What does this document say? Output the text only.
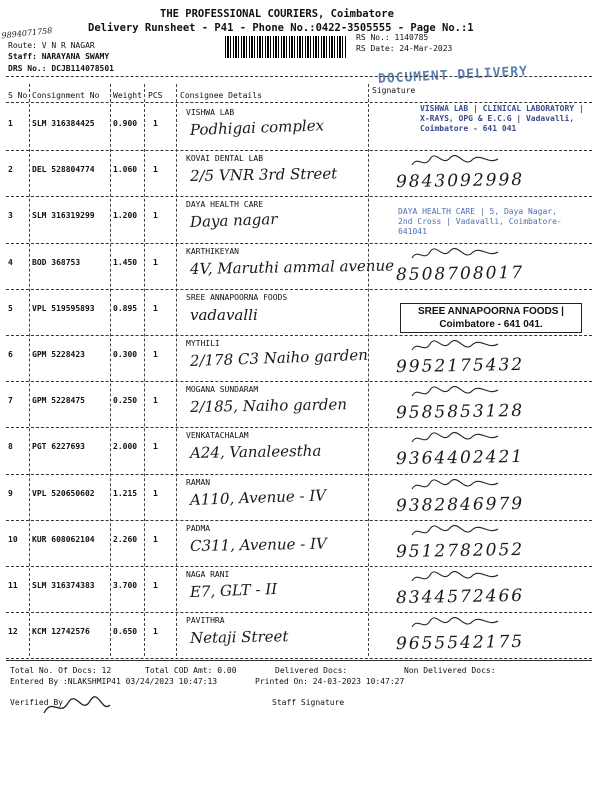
THE PROFESSIONAL COURIERS, Coimbatore
Delivery Runsheet - P41 - Phone No.:0422-3505555 - Page No.:1
Route: V N R NAGAR
Staff: NARAYANA SWAMY
DRS No.: DCJB114078501
RS No.: 1140785
RS Date: 24-Mar-2023
DOCUMENT DELIVERY
Signature
S No Consignment No Weight PCS Consignee Details
1 SLM 316384425 0.900 1
VISHWA LAB
Podhigai complex
2 DEL 528804774 1.060 1
KOVAI DENTAL LAB
2/5 VNR 3rd Street	9843092998
3 SLM 316319299 1.200 1
DAYA HEALTH CARE
Daya nagar
4 BOD 368753	1.450 1
KARTHIKEYAN
4V, Maruthi ammal avenue 8508708017
5 VPL 519595893 0.895 1
SREE ANNAPOORNA FOODS
vadavalli
6 GPM 5228423	0.300 1
MYTHILI
2/178 C3 Naiho garden 9952175432
7 GPM 5228475	0.250 1
MOGANA SUNDARAM
2/185, Naiho garden	9585853128
8 PGT 6227693	2.000 1
VENKATACHALAM
A24, Vanaleestha	9364402421
9 VPL 520650602 1.215 1
RAMAN
A110, Avenue - IV	9382846979
10 KUR 608062104 2.260 1
PADMA
C311, Avenue - IV	9512782052
11 SLM 316374383 3.700 1
NAGA RANI
E7, GLT - II	8344572466
12 KCM 12742576	0.650 1
PAVITHRA
Netaji Street	9655542175
VISHWA LAB | CLINICAL LABORATORY | X-RAYS, OPG & E.C.G | Vadavalli, Coimbatore - 641 041
9894071758
DAYA HEALTH CARE | 5, Daya Nagar, 2nd Cross | Vadavalli, Coimbatore-641041
SREE ANNAPOORNA FOODS | Coimbatore - 641 041.
Total No. Of Docs: 12	Total COD Amt: 0.00	Delivered Docs:	Non Delivered Docs:
Entered By :NLAKSHMIP41 03/24/2023 10:47:13	Printed On: 24-03-2023 10:47:27
Verified By	Staff Signature
